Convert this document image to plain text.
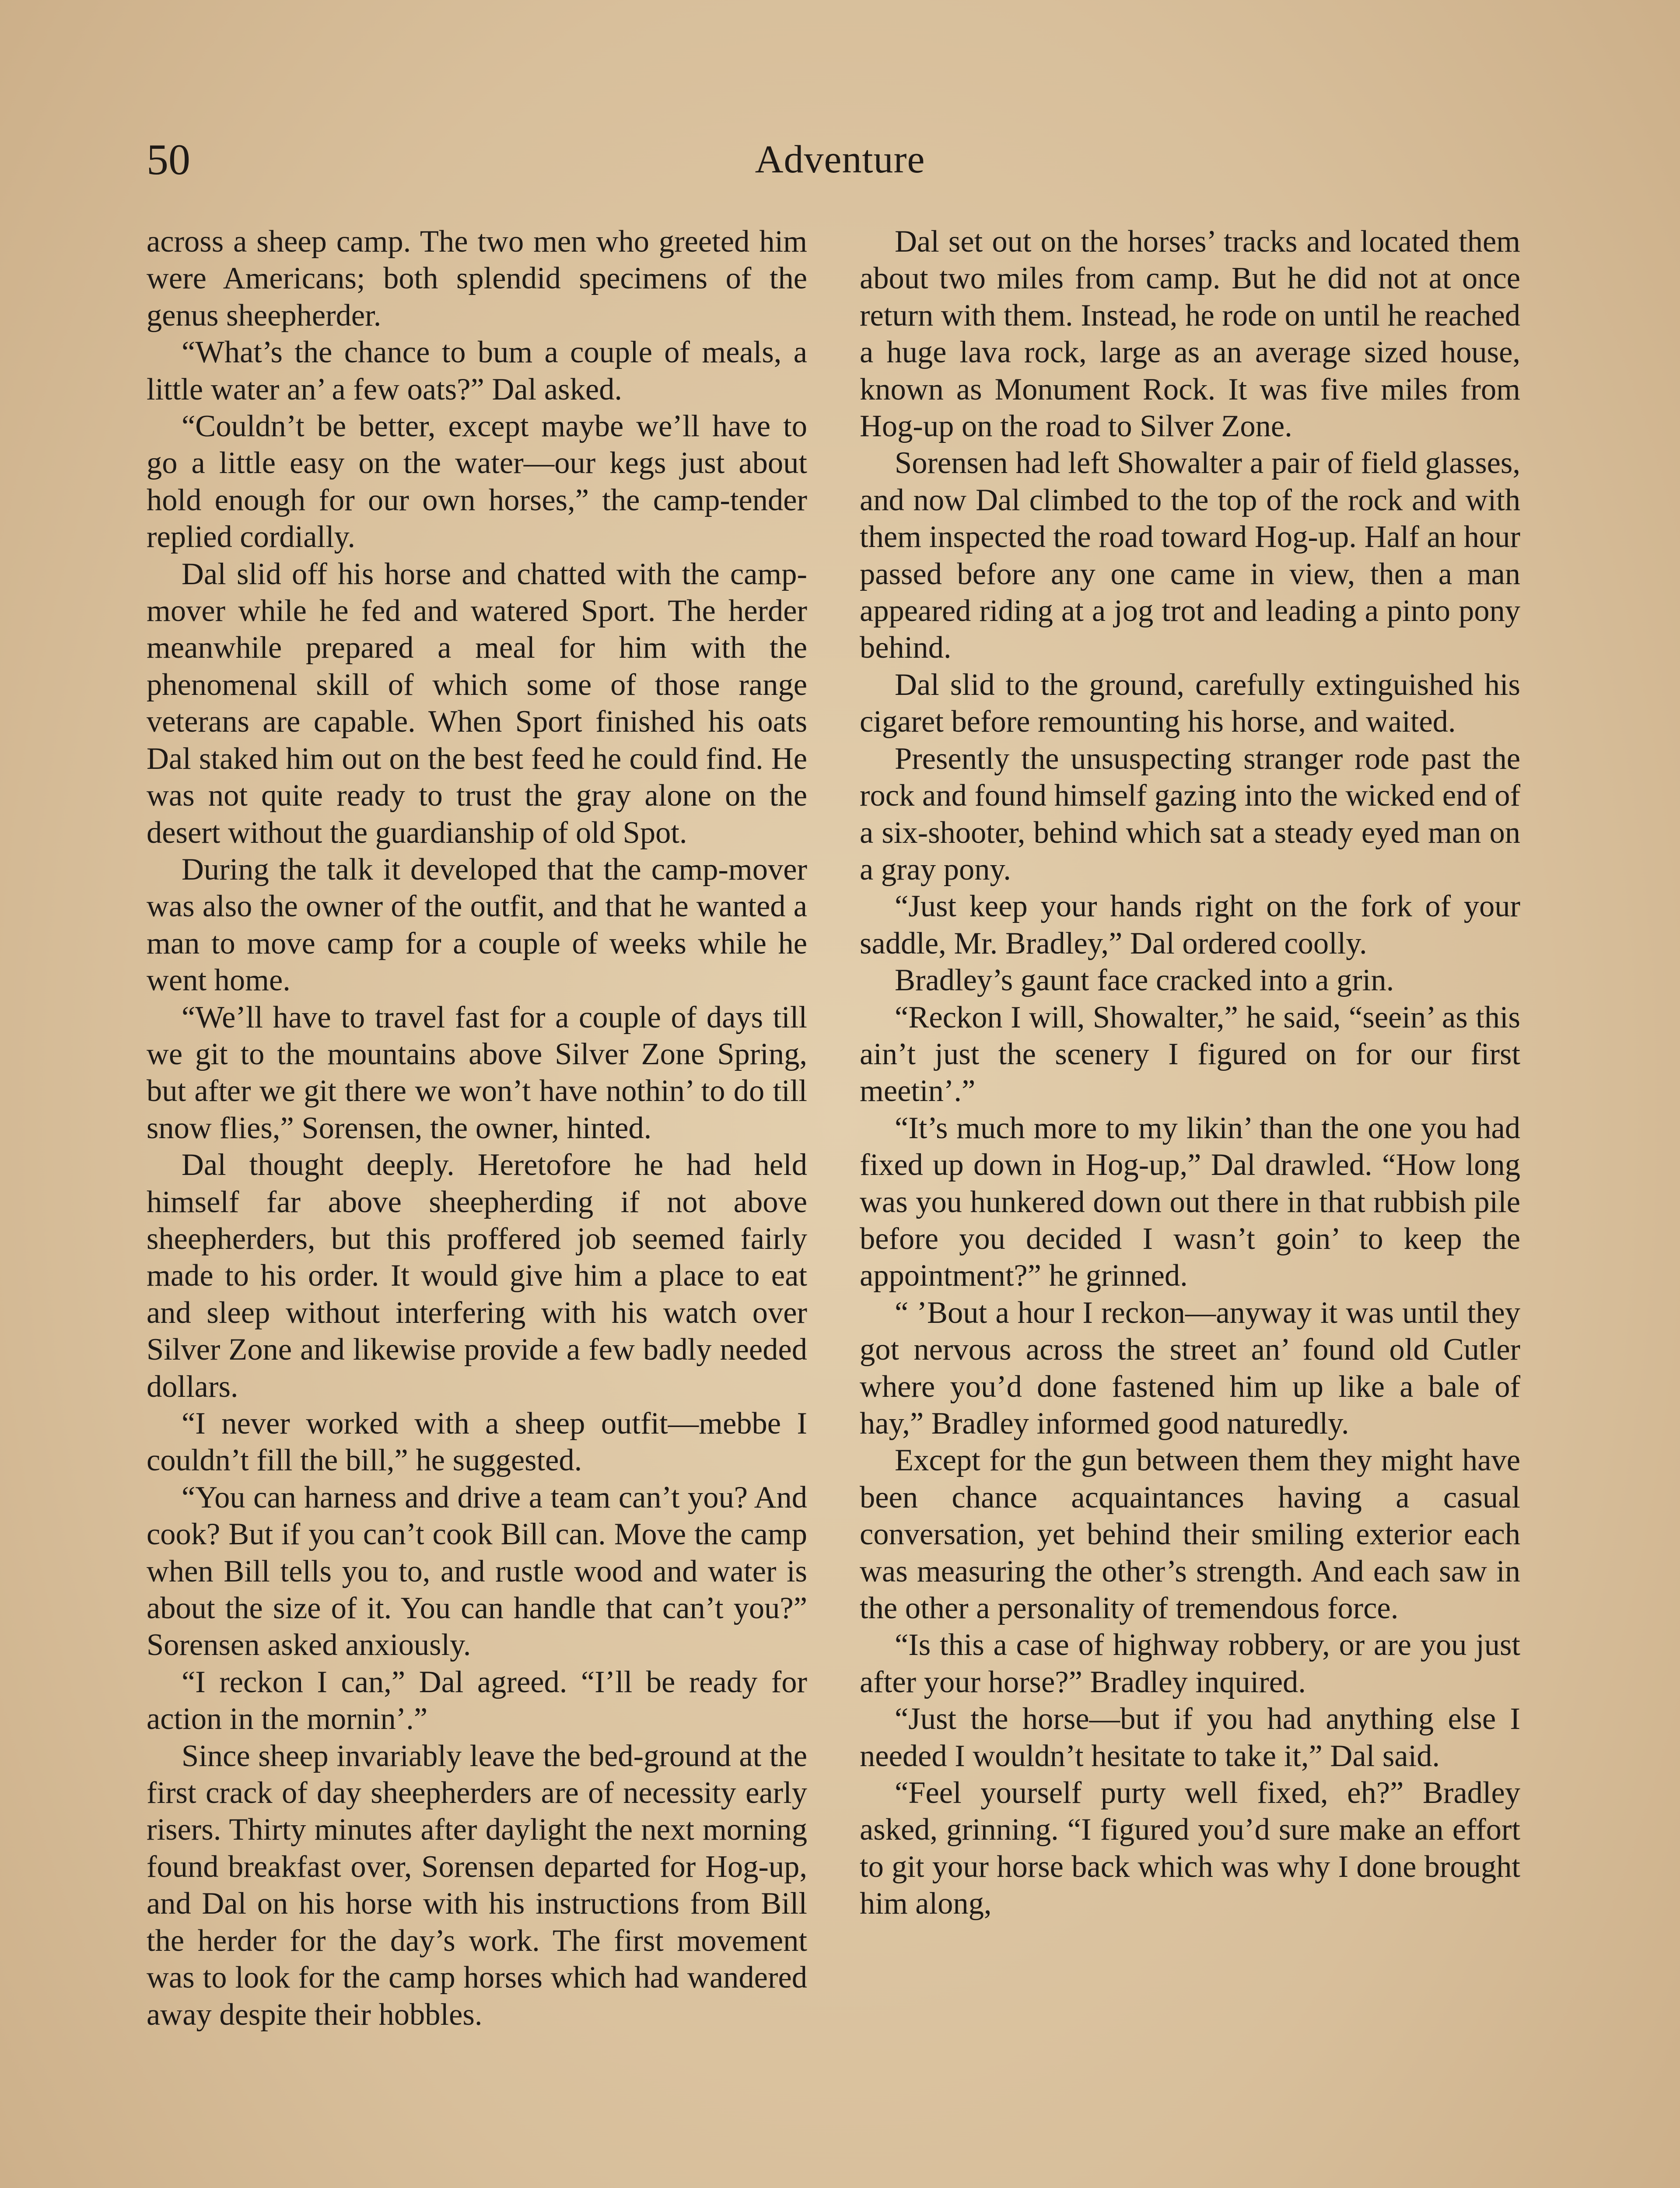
50	Adventure

across a sheep camp. The two men who greeted him were Americans; both splendid specimens of the genus sheepherder.

“What’s the chance to bum a couple of meals, a little water an’ a few oats?” Dal asked.

“Couldn’t be better, except maybe we’ll have to go a little easy on the water—our kegs just about hold enough for our own horses,” the camp-tender replied cordially.

Dal slid off his horse and chatted with the camp-mover while he fed and watered Sport. The herder meanwhile prepared a meal for him with the phenomenal skill of which some of those range veterans are capable. When Sport finished his oats Dal staked him out on the best feed he could find. He was not quite ready to trust the gray alone on the desert without the guardianship of old Spot.

During the talk it developed that the camp-mover was also the owner of the outfit, and that he wanted a man to move camp for a couple of weeks while he went home.

“We’ll have to travel fast for a couple of days till we git to the mountains above Silver Zone Spring, but after we git there we won’t have nothin’ to do till snow flies,” Sorensen, the owner, hinted.

Dal thought deeply. Heretofore he had held himself far above sheepherding if not above sheepherders, but this proffered job seemed fairly made to his order. It would give him a place to eat and sleep without interfering with his watch over Silver Zone and likewise provide a few badly needed dollars.

“I never worked with a sheep outfit—mebbe I couldn’t fill the bill,” he suggested.

“You can harness and drive a team can’t you? And cook? But if you can’t cook Bill can. Move the camp when Bill tells you to, and rustle wood and water is about the size of it. You can handle that can’t you?” Sorensen asked anxiously.

“I reckon I can,” Dal agreed. “I’ll be ready for action in the mornin’.”

Since sheep invariably leave the bed-ground at the first crack of day sheepherders are of necessity early risers. Thirty minutes after daylight the next morning found breakfast over, Sorensen departed for Hog-up, and Dal on his horse with his instructions from Bill the herder for the day’s work. The first movement was to look for the camp horses which had wandered away despite their hobbles.

Dal set out on the horses’ tracks and located them about two miles from camp. But he did not at once return with them. Instead, he rode on until he reached a huge lava rock, large as an average sized house, known as Monument Rock. It was five miles from Hog-up on the road to Silver Zone.

Sorensen had left Showalter a pair of field glasses, and now Dal climbed to the top of the rock and with them inspected the road toward Hog-up. Half an hour passed before any one came in view, then a man appeared riding at a jog trot and leading a pinto pony behind.

Dal slid to the ground, carefully extinguished his cigaret before remounting his horse, and waited.

Presently the unsuspecting stranger rode past the rock and found himself gazing into the wicked end of a six-shooter, behind which sat a steady eyed man on a gray pony.

“Just keep your hands right on the fork of your saddle, Mr. Bradley,” Dal ordered coolly.

Bradley’s gaunt face cracked into a grin.

“Reckon I will, Showalter,” he said, “seein’ as this ain’t just the scenery I figured on for our first meetin’.”

“It’s much more to my likin’ than the one you had fixed up down in Hog-up,” Dal drawled. “How long was you hunkered down out there in that rubbish pile before you decided I wasn’t goin’ to keep the appointment?” he grinned.

“ ’Bout a hour I reckon—anyway it was until they got nervous across the street an’ found old Cutler where you’d done fastened him up like a bale of hay,” Bradley informed good naturedly.

Except for the gun between them they might have been chance acquaintances having a casual conversation, yet behind their smiling exterior each was measuring the other’s strength. And each saw in the other a personality of tremendous force.

“Is this a case of highway robbery, or are you just after your horse?” Bradley inquired.

“Just the horse—but if you had anything else I needed I wouldn’t hesitate to take it,” Dal said.

“Feel yourself purty well fixed, eh?” Bradley asked, grinning. “I figured you’d sure make an effort to git your horse back which was why I done brought him along,
